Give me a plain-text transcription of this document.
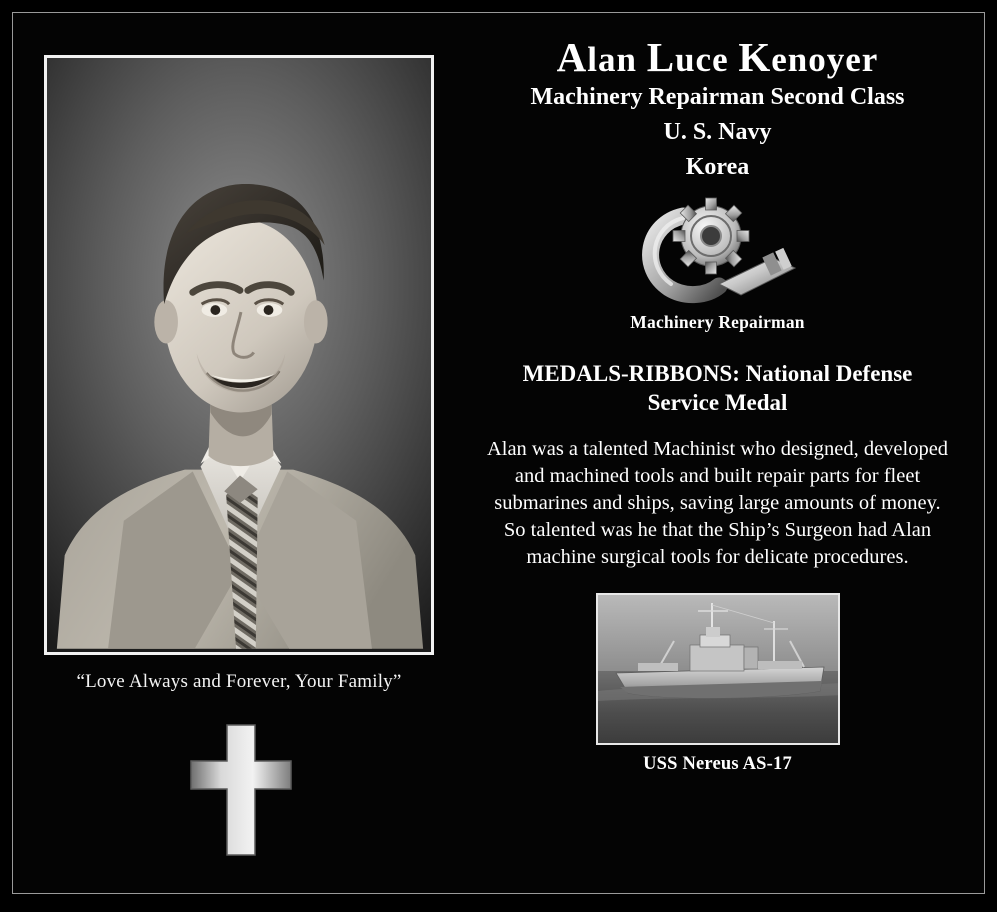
“Love Always and Forever, Your Family”
Alan Luce Kenoyer
Machinery Repairman Second Class
U. S. Navy
Korea
Machinery Repairman
MEDALS-RIBBONS: National Defense Service Medal
Alan was a talented Machinist who designed, developed and machined tools and built repair parts for fleet submarines and ships, saving large amounts of money. So talented was he that the Ship’s Surgeon had Alan machine surgical tools for delicate procedures.
USS Nereus AS-17
